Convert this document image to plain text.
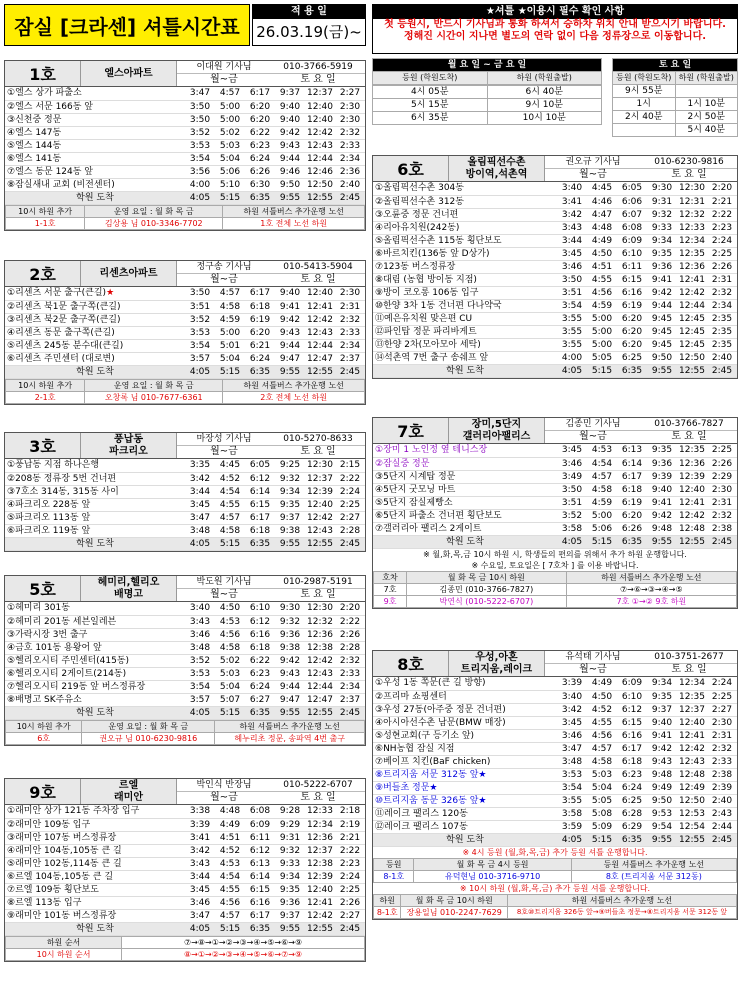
잠실 [크라센] 셔틀시간표
적 용 일
26.03.19(금)~
★셔틀 ★이용시 필수 확인 사항
첫 등원시, 반드시 기사님과 통화 하셔서 승하차 위치 안내 받으시기 바랍니다.
정해진 시간이 지나면 별도의 연락 없이 다음 정류장으로 이동합니다.
월 요 일 ~ 금 요 일	
등원 (학원도착)	하원 (학원출발)

4시 05분	6시 40분
5시 15분	9시 10분
6시 35분	10시 10분
토 요 일	
등원 (학원도착)	하원 (학원출발)
9시 55분	
1시	1시 10분
2시 40분	2시 50분
	5시 40분
1호	엘스아파트
이대원 기사님	010-3766-5919
월~금	토 요 일
①엘스 상가 파출소	3:47	4:57	6:17	9:37	12:37	2:27
②엘스 서문 166동 앞	3:50	5:00	6:20	9:40	12:40	2:30
③신천중 정문	3:50	5:00	6:20	9:40	12:40	2:30
④엘스 147동	3:52	5:02	6:22	9:42	12:42	2:32
⑤엘스 144동	3:53	5:03	6:23	9:43	12:43	2:33
⑥엘스 141동	3:54	5:04	6:24	9:44	12:44	2:34
⑦엘스 동문 124동 앞	3:56	5:06	6:26	9:46	12:46	2:36
⑧잠실새내 교회 (비전센터)	4:00	5:10	6:30	9:50	12:50	2:40
학원 도착	4:05	5:15	6:35	9:55	12:55	2:45
10시 하원 추가	운영 요일 : 월 화 목 금	하원 셔틀버스 추가운행 노선
1-1호	김상용 님 010-3346-7702	1호 전체 노선 하원
2호	리센츠아파트
정구송 기사님	010-5413-5904
월~금	토 요 일
①리센츠 서문 출구(큰길)★	3:50	4:57	6:17	9:40	12:40	2:30
②리센츠 북1문 출구쪽(큰길)	3:51	4:58	6:18	9:41	12:41	2:31
③리센츠 북2문 출구쪽(큰길)	3:52	4:59	6:19	9:42	12:42	2:32
④리센츠 동문 출구쪽(큰길)	3:53	5:00	6:20	9:43	12:43	2:33
⑤리센츠 245동 분수대(큰길)	3:54	5:01	6:21	9:44	12:44	2:34
⑥리센츠 주민센터 (대로변)	3:57	5:04	6:24	9:47	12:47	2:37
학원 도착	4:05	5:15	6:35	9:55	12:55	2:45
10시 하원 추가	운영 요일 : 월 화 목 금	하원 셔틀버스 추가운행 노선
2-1호	오창록 님 010-7677-6361	2호 전체 노선 하원
3호	풍납동
파크리오
마장성 기사님	010-5270-8633
월~금	토 요 일
①풍납동 지점 하나은행	3:35	4:45	6:05	9:25	12:30	2:15
②208동 정류장 5번 건너편	3:42	4:52	6:12	9:32	12:37	2:22
③7호소 314동, 315동 사이	3:44	4:54	6:14	9:34	12:39	2:24
④파크리오 228동 앞	3:45	4:55	6:15	9:35	12:40	2:25
⑤파크리오 113동 앞	3:47	4:57	6:17	9:37	12:42	2:27
⑥파크리오 119동 앞	3:48	4:58	6:18	9:38	12:43	2:28
학원 도착	4:05	5:15	6:35	9:55	12:55	2:45
5호	헤미리,헬리오
배명고
박도원 기사님	010-2987-5191
월~금	토 요 일
①헤미리 301동	3:40	4:50	6:10	9:30	12:30	2:20
②헤미리 201동 세븐일레븐	3:43	4:53	6:12	9:32	12:32	2:22
③가락시장 3번 출구	3:46	4:56	6:16	9:36	12:36	2:26
④금호 101동 용왕어 앞	3:48	4:58	6:18	9:38	12:38	2:28
⑤헬리오시티 주민센터(415동)	3:52	5:02	6:22	9:42	12:42	2:32
⑥헬리오시티 2게이트(214동)	3:53	5:03	6:23	9:43	12:43	2:33
⑦헬리오시티 219동 앞 버스정류장	3:54	5:04	6:24	9:44	12:44	2:34
⑧배명고 SK주유소	3:57	5:07	6:27	9:47	12:47	2:37
학원 도착	4:05	5:15	6:35	9:55	12:55	2:45
10시 하원 추가	운영 요일 : 월 화 목 금	하원 셔틀버스 추가운행 노선
6호	권오규 님 010-6230-9816	헤누리초 정문, 송파역 4번 출구
9호	르엘
래미안
박인식 반장님	010-5222-6707
월~금	토 요 일
①래미안 상가 121동 주차장 입구	3:38	4:48	6:08	9:28	12:33	2:18
②래미안 109동 입구	3:39	4:49	6:09	9:29	12:34	2:19
③래미안 107동 버스정류장	3:41	4:51	6:11	9:31	12:36	2:21
④래미안 104동,105동 큰 길	3:42	4:52	6:12	9:32	12:37	2:22
⑤래미안 102동,114동 큰 길	3:43	4:53	6:13	9:33	12:38	2:23
⑥르엘 104동,105동 큰 길	3:44	4:54	6:14	9:34	12:39	2:24
⑦르엘 109동 횡단보도	3:45	4:55	6:15	9:35	12:40	2:25
⑧르엘 113동 입구	3:46	4:56	6:16	9:36	12:41	2:26
⑨래미안 101동 버스정류장	3:47	4:57	6:17	9:37	12:42	2:27
학원 도착	4:05	5:15	6:35	9:55	12:55	2:45
하원 순서	⑦→⑧→①→②→③→④→⑤→⑥→⑨
10시 하원 순서	⑧→①→②→③→④→⑤→⑥→⑦→⑨
6호	올림픽선수촌
방이역,석촌역
권오규 기사님	010-6230-9816
월~금	토 요 일
①올림픽선수촌 304동	3:40	4:45	6:05	9:30	12:30	2:20
②올림픽선수촌 312동	3:41	4:46	6:06	9:31	12:31	2:21
③오륜중 정문 건너편	3:42	4:47	6:07	9:32	12:32	2:22
④리아유치원(242동)	3:43	4:48	6:08	9:33	12:33	2:23
⑤올림픽선수촌 115동 횡단보도	3:44	4:49	6:09	9:34	12:34	2:24
⑥바르치킨(136동 앞 D상가)	3:45	4:50	6:10	9:35	12:35	2:25
⑦123동 버스정류장	3:46	4:51	6:11	9:36	12:36	2:26
⑧대림 (농협 방이동 지점)	3:50	4:55	6:15	9:41	12:41	2:31
⑨방이 코오롱 106동 입구	3:51	4:56	6:16	9:42	12:42	2:32
⑩한양 3차 1동 건너편 다나약국	3:54	4:59	6:19	9:44	12:44	2:34
⑪예은유치원 맞은편 CU	3:55	5:00	6:20	9:45	12:45	2:35
⑫파인탑 정문 파리바게트	3:55	5:00	6:20	9:45	12:45	2:35
⑬한양 2차(모아모아 세탁)	3:55	5:00	6:20	9:45	12:45	2:35
⑭석촌역 7번 출구 송쉐프 앞	4:00	5:05	6:25	9:50	12:50	2:40
학원 도착	4:05	5:15	6:35	9:55	12:55	2:45
7호	장미,5단지
갤러리아팰리스
김종민 기사님	010-3766-7827
월~금	토 요 일
①장미 1 노인정 옆 테니스장	3:45	4:53	6:13	9:35	12:35	2:25
②잠실중 정문	3:46	4:54	6:14	9:36	12:36	2:26
③5단지 시계탑 정문	3:49	4:57	6:17	9:39	12:39	2:29
④5단지 굿모닝 마트	3:50	4:58	6:18	9:40	12:40	2:30
⑤5단지 잠실제빵소	3:51	4:59	6:19	9:41	12:41	2:31
⑥5단지 파출소 건너편 횡단보도	3:52	5:00	6:20	9:42	12:42	2:32
⑦갤러리아 팰리스 2게이트	3:58	5:06	6:26	9:48	12:48	2:38
학원 도착	4:05	5:15	6:35	9:55	12:55	2:45
※ 월,화,목,금 10시 하원 시, 학생들의 편의를 위해서 추가 하원 운행합니다.
※ 수요일, 토요일은 [ 7호차 ] 를 이용 바랍니다.
호차	월 화 목 금 10시 하원	하원 셔틀버스 추가운행 노선
7호	김종민 (010-3766-7827)	⑦→⑥→③→④→⑤
9호	박연식 (010-5222-6707)	7호 ①→② 9호 하원
8호	우성,아혼
트리지움,레이크
유석태 기사님	010-3751-2677
월~금	토 요 일
①우성 1동 쪽문(큰 길 방향)	3:39	4:49	6:09	9:34	12:34	2:24
②프리마 쇼핑센터	3:40	4:50	6:10	9:35	12:35	2:25
③우성 27동(아주중 정문 건너편)	3:42	4:52	6:12	9:37	12:37	2:27
④아시아선수촌 남문(BMW 매장)	3:45	4:55	6:15	9:40	12:40	2:30
⑤성현교회(구 등기소 앞)	3:46	4:56	6:16	9:41	12:41	2:31
⑥NH농협 잠실 지점	3:47	4:57	6:17	9:42	12:42	2:32
⑦베이프 치킨(BaF chicken)	3:48	4:58	6:18	9:43	12:43	2:33
⑧트리지움 서문 312동 앞★	3:53	5:03	6:23	9:48	12:48	2:38
⑨버들초 정문★	3:54	5:04	6:24	9:49	12:49	2:39
⑩트리지움 동문 326동 앞★	3:55	5:05	6:25	9:50	12:50	2:40
⑪레이크 팰리스 120동	3:58	5:08	6:28	9:53	12:53	2:43
⑫레이크 팰리스 107동	3:59	5:09	6:29	9:54	12:54	2:44
학원 도착	4:05	5:15	6:35	9:55	12:55	2:45
※ 4시 등원 (월,화,목,금) 추가 등원 셔틀 운행합니다.
등원	월 화 목 금 4시 등원	등원 셔틀버스 추가운행 노선
8-1호	유덕현님 010-3716-9710	8호 (트리지움 서문 312동)
※ 10시 하원 (월,화,목,금) 추가 등원 셔틀 운행합니다.
하원	월 화 목 금 10시 하원	하원 셔틀버스 추가운행 노선
8-1호	장용일님 010-2247-7629	8호⑩트리지움 326동 앞→⑨버들초 정문→⑧트리지움 서문 312동 앞
